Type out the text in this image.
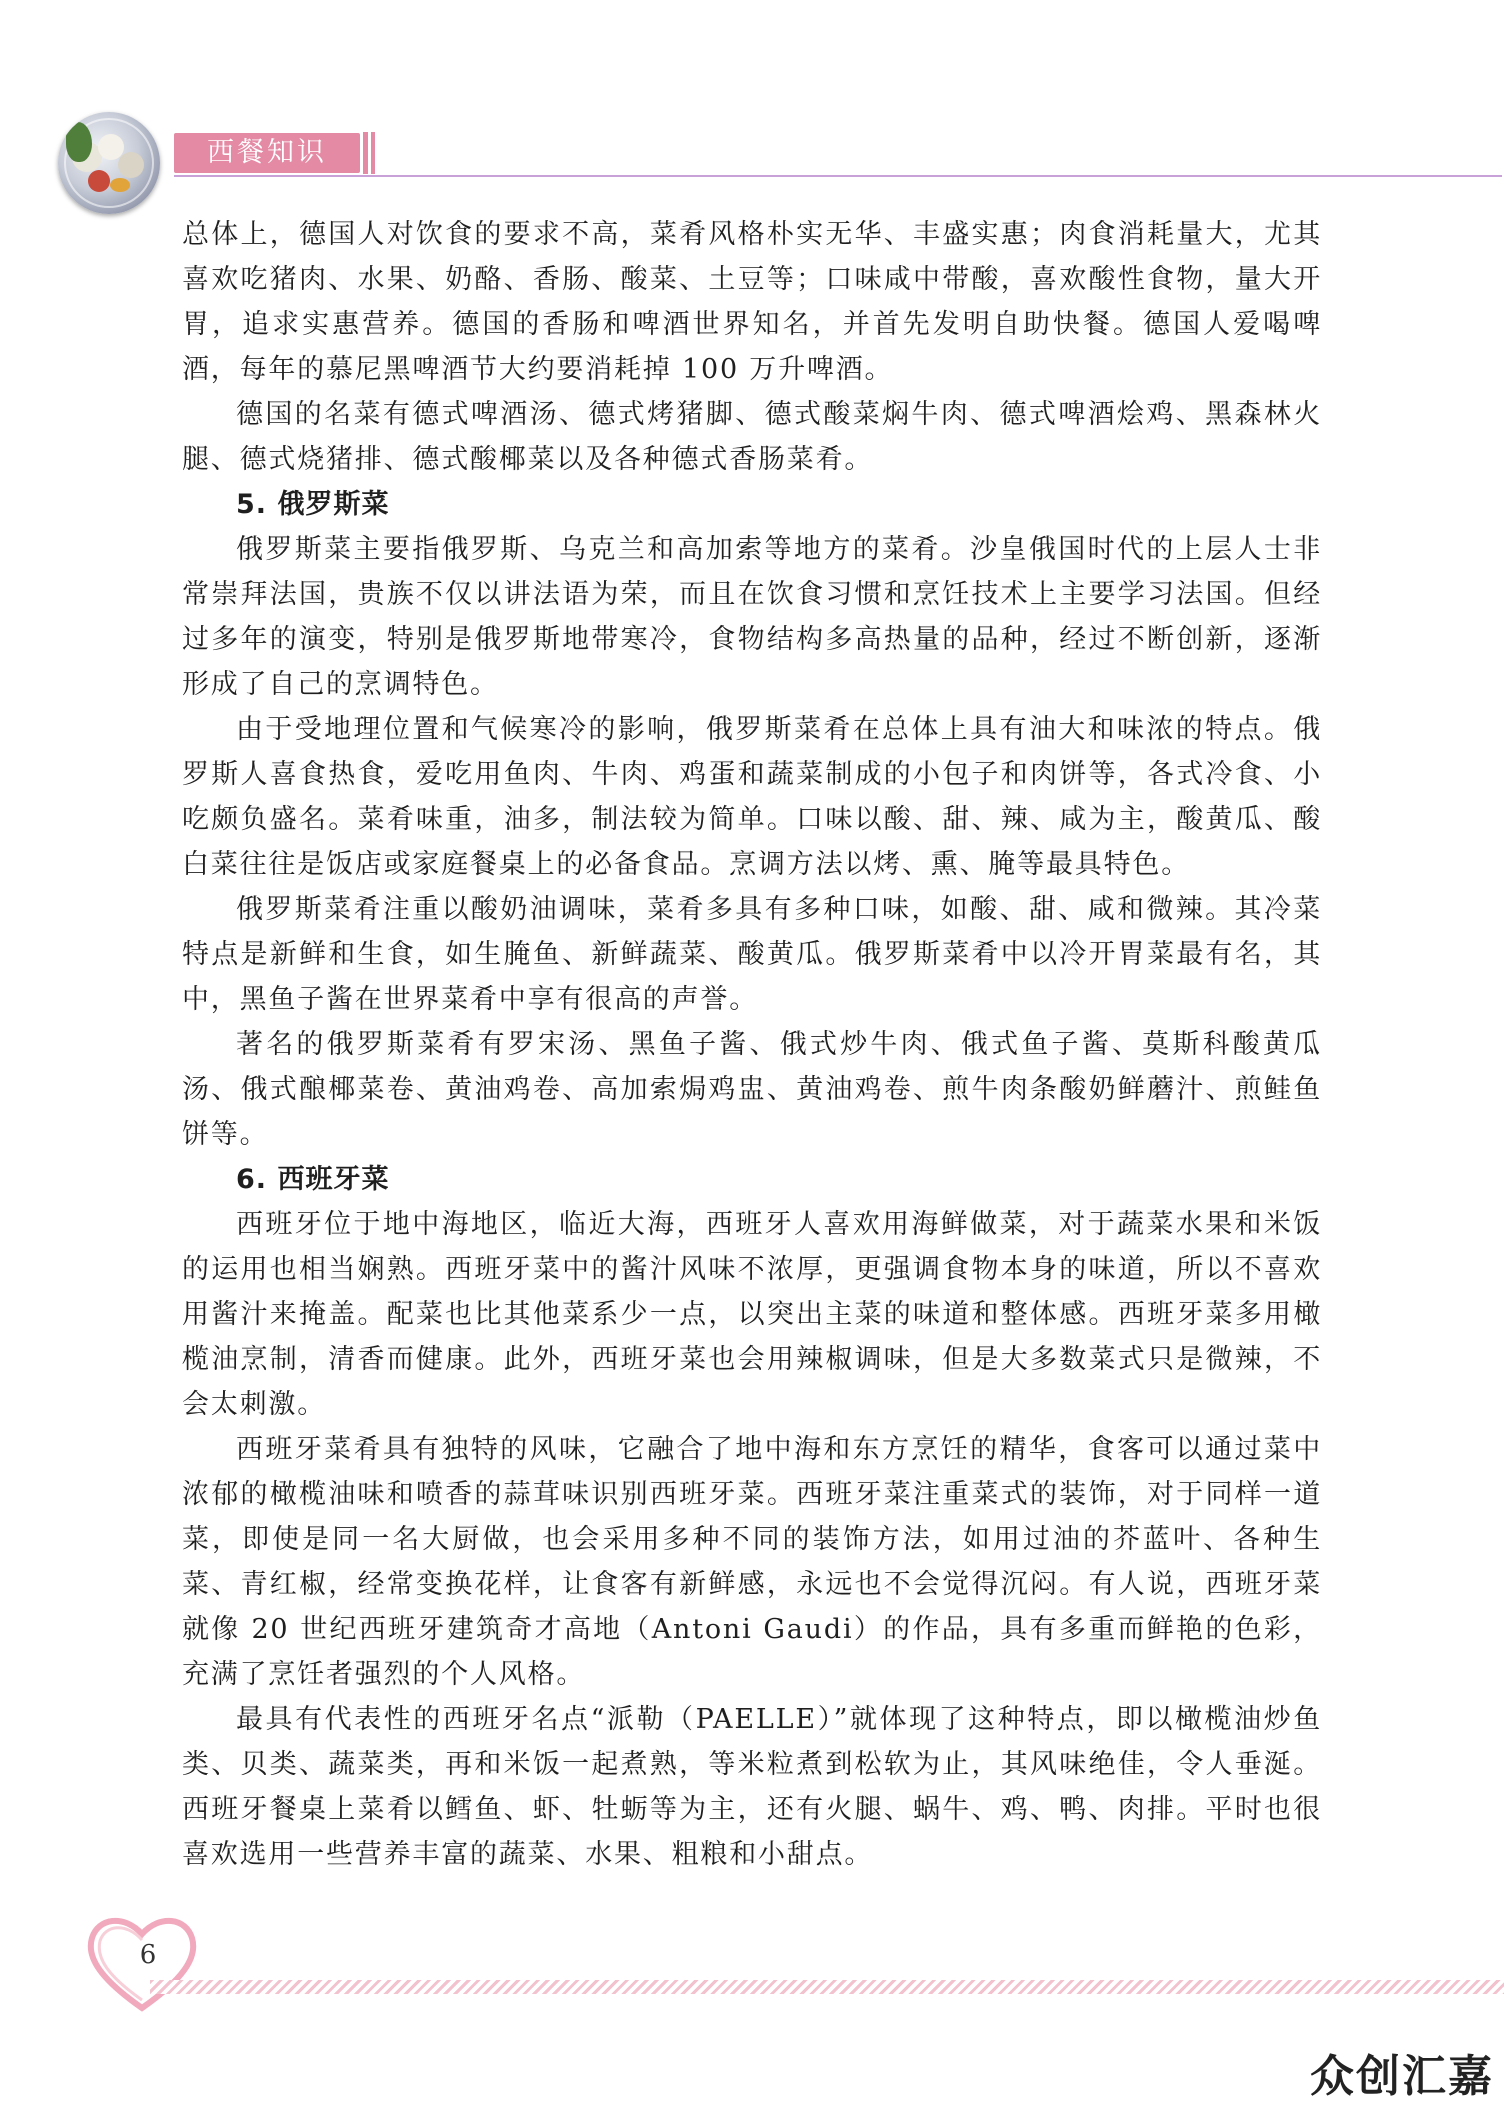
西餐知识

总体上，德国人对饮食的要求不高，菜肴风格朴实无华、丰盛实惠；肉食消耗量大，尤其喜欢吃猪肉、水果、奶酪、香肠、酸菜、土豆等；口味咸中带酸，喜欢酸性食物，量大开胃，追求实惠营养。德国的香肠和啤酒世界知名，并首先发明自助快餐。德国人爱喝啤酒，每年的慕尼黑啤酒节大约要消耗掉 100 万升啤酒。

德国的名菜有德式啤酒汤、德式烤猪脚、德式酸菜焖牛肉、德式啤酒烩鸡、黑森林火腿、德式烧猪排、德式酸椰菜以及各种德式香肠菜肴。

5. 俄罗斯菜

俄罗斯菜主要指俄罗斯、乌克兰和高加索等地方的菜肴。沙皇俄国时代的上层人士非常崇拜法国，贵族不仅以讲法语为荣，而且在饮食习惯和烹饪技术上主要学习法国。但经过多年的演变，特别是俄罗斯地带寒冷，食物结构多高热量的品种，经过不断创新，逐渐形成了自己的烹调特色。

由于受地理位置和气候寒冷的影响，俄罗斯菜肴在总体上具有油大和味浓的特点。俄罗斯人喜食热食，爱吃用鱼肉、牛肉、鸡蛋和蔬菜制成的小包子和肉饼等，各式冷食、小吃颇负盛名。菜肴味重，油多，制法较为简单。口味以酸、甜、辣、咸为主，酸黄瓜、酸白菜往往是饭店或家庭餐桌上的必备食品。烹调方法以烤、熏、腌等最具特色。

俄罗斯菜肴注重以酸奶油调味，菜肴多具有多种口味，如酸、甜、咸和微辣。其冷菜特点是新鲜和生食，如生腌鱼、新鲜蔬菜、酸黄瓜。俄罗斯菜肴中以冷开胃菜最有名，其中，黑鱼子酱在世界菜肴中享有很高的声誉。

著名的俄罗斯菜肴有罗宋汤、黑鱼子酱、俄式炒牛肉、俄式鱼子酱、莫斯科酸黄瓜汤、俄式酿椰菜卷、黄油鸡卷、高加索焗鸡盅、黄油鸡卷、煎牛肉条酸奶鲜蘑汁、煎鲑鱼饼等。

6. 西班牙菜

西班牙位于地中海地区，临近大海，西班牙人喜欢用海鲜做菜，对于蔬菜水果和米饭的运用也相当娴熟。西班牙菜中的酱汁风味不浓厚，更强调食物本身的味道，所以不喜欢用酱汁来掩盖。配菜也比其他菜系少一点，以突出主菜的味道和整体感。西班牙菜多用橄榄油烹制，清香而健康。此外，西班牙菜也会用辣椒调味，但是大多数菜式只是微辣，不会太刺激。

西班牙菜肴具有独特的风味，它融合了地中海和东方烹饪的精华，食客可以通过菜中浓郁的橄榄油味和喷香的蒜茸味识别西班牙菜。西班牙菜注重菜式的装饰，对于同样一道菜，即使是同一名大厨做，也会采用多种不同的装饰方法，如用过油的芥蓝叶、各种生菜、青红椒，经常变换花样，让食客有新鲜感，永远也不会觉得沉闷。有人说，西班牙菜就像 20 世纪西班牙建筑奇才高地（Antoni Gaudi）的作品，具有多重而鲜艳的色彩，充满了烹饪者强烈的个人风格。

最具有代表性的西班牙名点“派勒（PAELLE）”就体现了这种特点，即以橄榄油炒鱼类、贝类、蔬菜类，再和米饭一起煮熟，等米粒煮到松软为止，其风味绝佳，令人垂涎。西班牙餐桌上菜肴以鳕鱼、虾、牡蛎等为主，还有火腿、蜗牛、鸡、鸭、肉排。平时也很喜欢选用一些营养丰富的蔬菜、水果、粗粮和小甜点。

6
众创汇嘉
